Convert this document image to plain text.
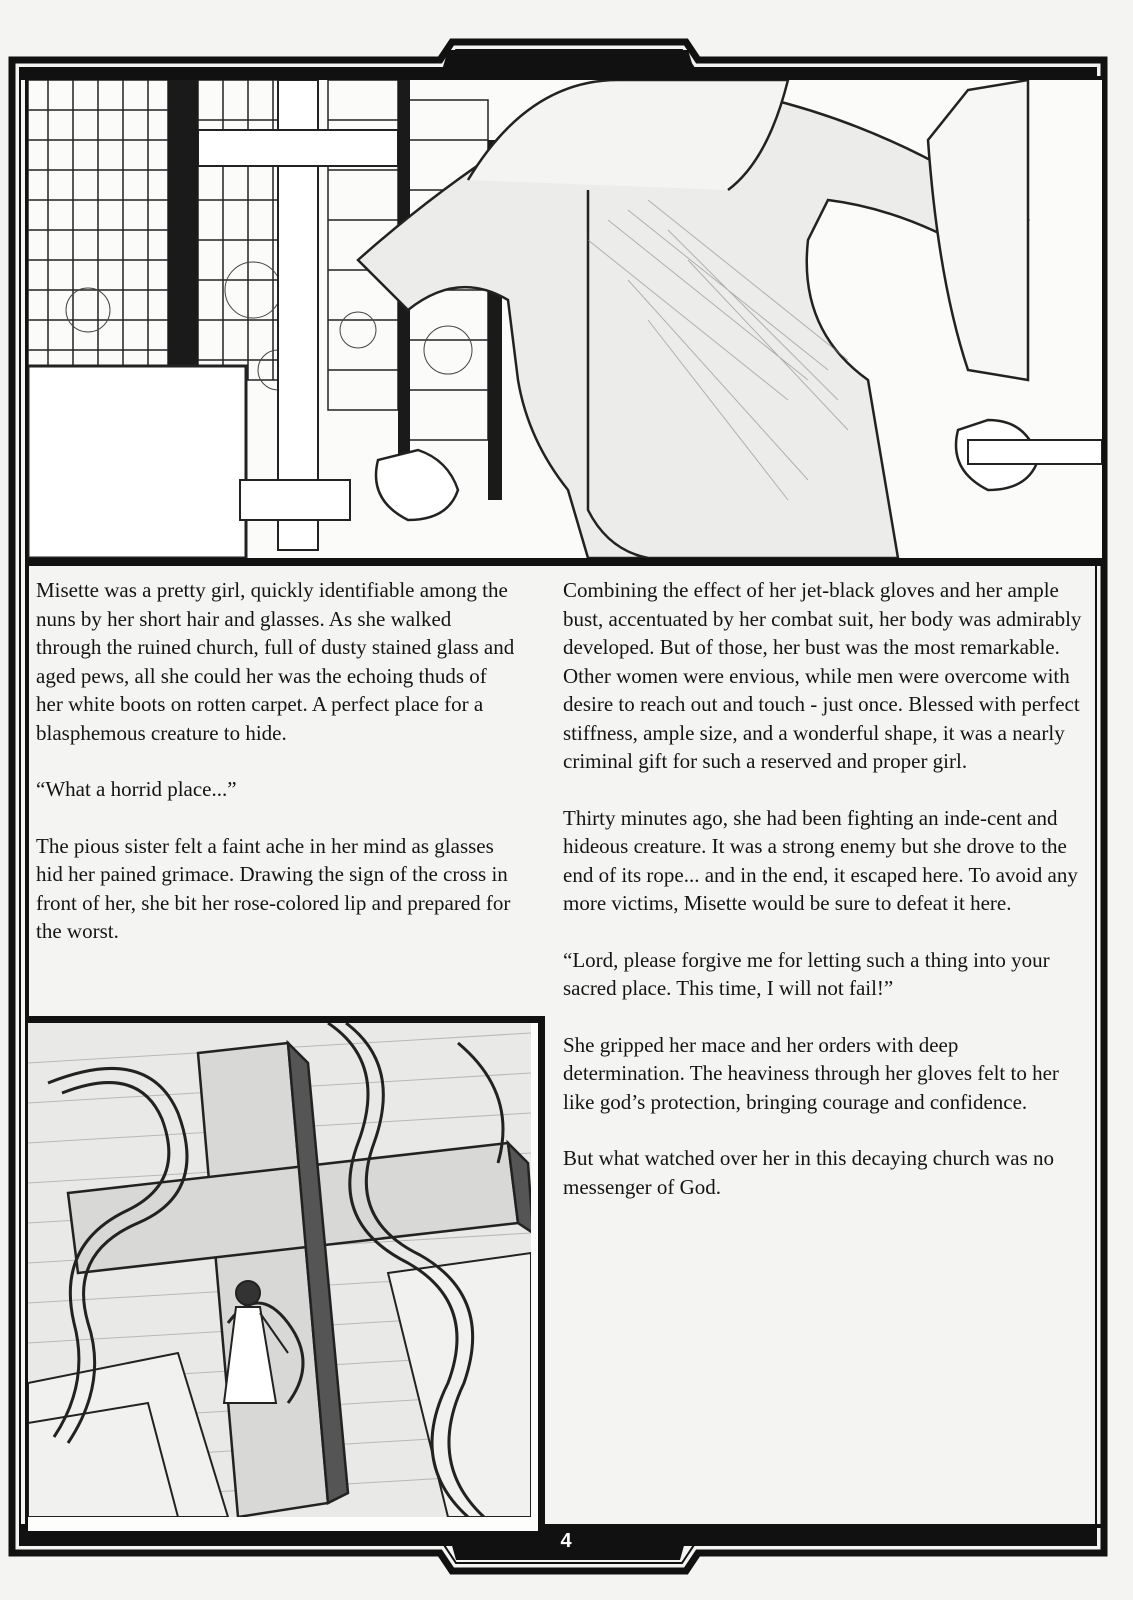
Misette was a pretty girl, quickly identifiable among the nuns by her short hair and glasses. As she walked through the ruined church, full of dusty stained glass and aged pews, all she could her was the echoing thuds of her white boots on rotten carpet. A perfect place for a blasphemous creature to hide.

“What a horrid place...”

The pious sister felt a faint ache in her mind as glasses hid her pained grimace. Drawing the sign of the cross in front of her, she bit her rose-colored lip and prepared for the worst.

Combining the effect of her jet-black gloves and her ample bust, accentuated by her combat suit, her body was admirably developed. But of those, her bust was the most remarkable. Other women were envious, while men were overcome with desire to reach out and touch - just once. Blessed with perfect stiffness, ample size, and a wonderful shape, it was a nearly criminal gift for such a reserved and proper girl.

Thirty minutes ago, she had been fighting an inde-cent and hideous creature. It was a strong enemy but she drove to the end of its rope... and in the end, it escaped here. To avoid any more victims, Misette would be sure to defeat it here.

“Lord, please forgive me for letting such a thing into your sacred place. This time, I will not fail!”

She gripped her mace and her orders with deep determination. The heaviness through her gloves felt to her like god’s protection, bringing courage and confidence.

But what watched over her in this decaying church was no messenger of God.

4
